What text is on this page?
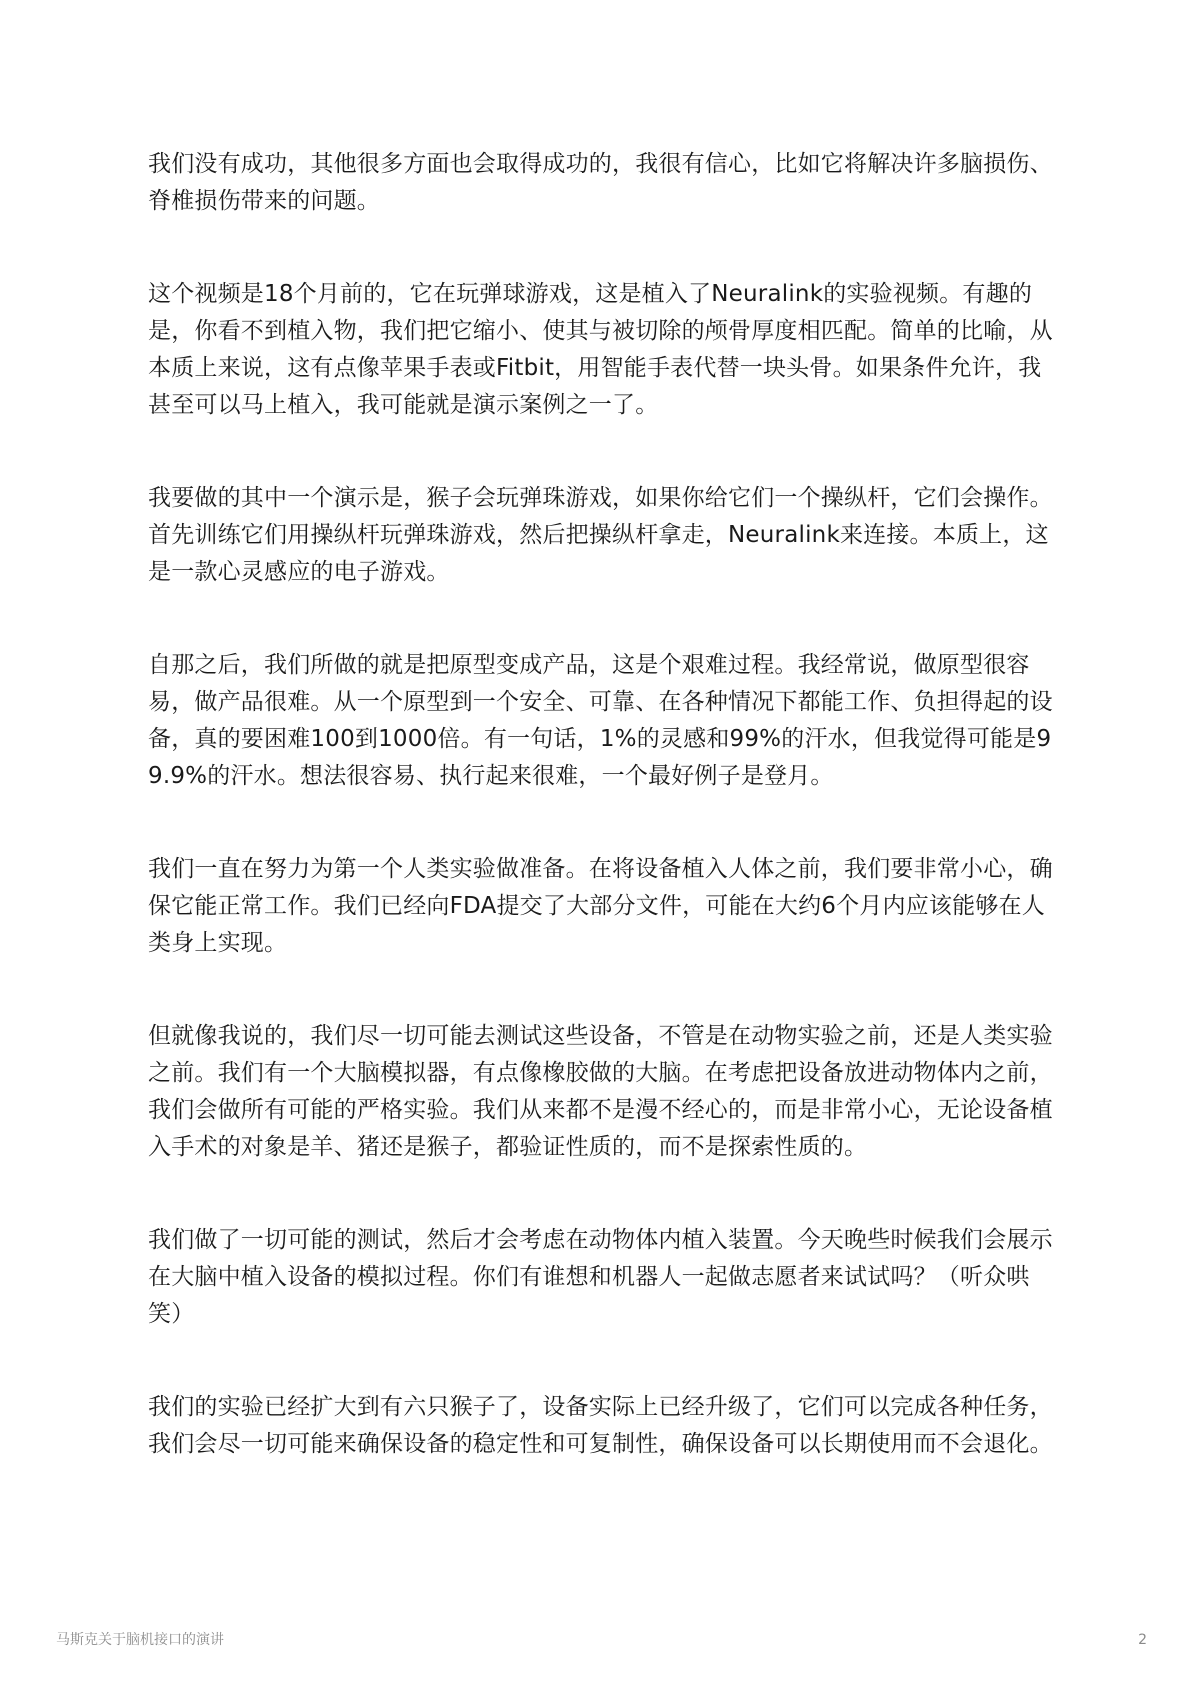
我们没有成功，其他很多方面也会取得成功的，我很有信心，比如它将解决许多脑损伤、脊椎损伤带来的问题。

这个视频是18个月前的，它在玩弹球游戏，这是植入了Neuralink的实验视频。有趣的是，你看不到植入物，我们把它缩小、使其与被切除的颅骨厚度相匹配。简单的比喻，从本质上来说，这有点像苹果手表或Fitbit，用智能手表代替一块头骨。如果条件允许，我甚至可以马上植入，我可能就是演示案例之一了。

我要做的其中一个演示是，猴子会玩弹珠游戏，如果你给它们一个操纵杆，它们会操作。首先训练它们用操纵杆玩弹珠游戏，然后把操纵杆拿走，Neuralink来连接。本质上，这是一款心灵感应的电子游戏。

自那之后，我们所做的就是把原型变成产品，这是个艰难过程。我经常说，做原型很容易，做产品很难。从一个原型到一个安全、可靠、在各种情况下都能工作、负担得起的设备，真的要困难100到1000倍。有一句话，1%的灵感和99%的汗水，但我觉得可能是99.9%的汗水。想法很容易、执行起来很难，一个最好例子是登月。

我们一直在努力为第一个人类实验做准备。在将设备植入人体之前，我们要非常小心，确保它能正常工作。我们已经向FDA提交了大部分文件，可能在大约6个月内应该能够在人类身上实现。

但就像我说的，我们尽一切可能去测试这些设备，不管是在动物实验之前，还是人类实验之前。我们有一个大脑模拟器，有点像橡胶做的大脑。在考虑把设备放进动物体内之前，我们会做所有可能的严格实验。我们从来都不是漫不经心的，而是非常小心，无论设备植入手术的对象是羊、猪还是猴子，都验证性质的，而不是探索性质的。

我们做了一切可能的测试，然后才会考虑在动物体内植入装置。今天晚些时候我们会展示在大脑中植入设备的模拟过程。你们有谁想和机器人一起做志愿者来试试吗？（听众哄笑）

我们的实验已经扩大到有六只猴子了，设备实际上已经升级了，它们可以完成各种任务，我们会尽一切可能来确保设备的稳定性和可复制性，确保设备可以长期使用而不会退化。

马斯克关于脑机接口的演讲	2
